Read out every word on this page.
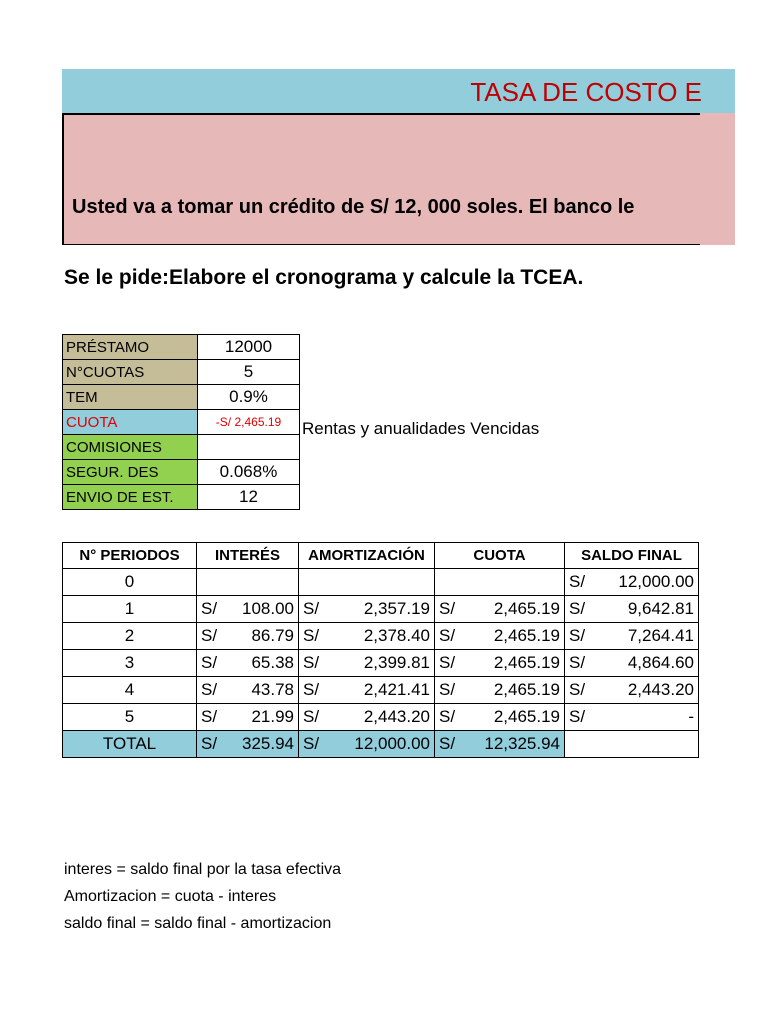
TASA DE COSTO E

Usted va a tomar un crédito de S/ 12, 000 soles. El banco le

Se le pide:Elabore el cronograma y calcule la TCEA.
PRÉSTAMO	12000
N°CUOTAS	5
TEM	0.9%
CUOTA	-S/ 2,465.19
COMISIONES	
SEGUR. DES	0.068%
ENVIO DE EST.	12
Rentas y anualidades Vencidas
N° PERIODOS	INTERÉS	AMORTIZACIÓN	CUOTA	SALDO FINAL
0				S/ 12,000.00

1	S/ 108.00	S/ 2,357.19	S/ 2,465.19	S/ 9,642.81

2	S/ 86.79	S/ 2,378.40	S/ 2,465.19	S/ 7,264.41

3	S/ 65.38	S/ 2,399.81	S/ 2,465.19	S/ 4,864.60

4	S/ 43.78	S/ 2,421.41	S/ 2,465.19	S/ 2,443.20

5	S/ 21.99	S/ 2,443.20	S/ 2,465.19	S/ -

TOTAL	S/ 325.94	S/ 12,000.00	S/ 12,325.94	

interes = saldo final por la tasa efectiva
Amortizacion = cuota - interes
saldo final = saldo final - amortizacion
